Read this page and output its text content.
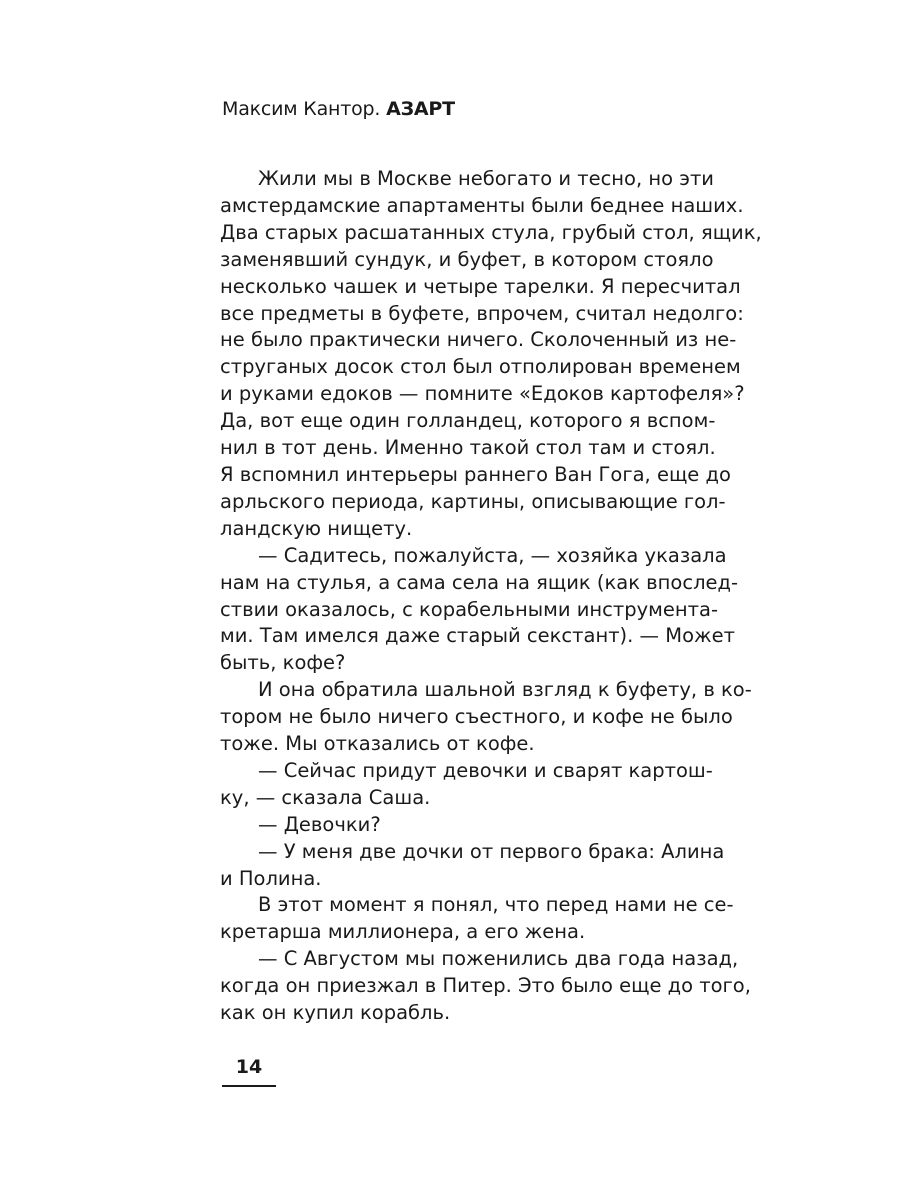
Максим Кантор. АЗАРТ

Жили мы в Москве небогато и тесно, но эти
амстердамские апартаменты были беднее наших.
Два старых расшатанных стула, грубый стол, ящик,
заменявший сундук, и буфет, в котором стояло
несколько чашек и четыре тарелки. Я пересчитал
все предметы в буфете, впрочем, считал недолго:
не было практически ничего. Сколоченный из не-
струганых досок стол был отполирован временем
и руками едоков — помните «Едоков картофеля»?
Да, вот еще один голландец, которого я вспом-
нил в тот день. Именно такой стол там и стоял.
Я вспомнил интерьеры раннего Ван Гога, еще до
арльского периода, картины, описывающие гол-
ландскую нищету.

— Садитесь, пожалуйста, — хозяйка указала
нам на стулья, а сама села на ящик (как впослед-
ствии оказалось, с корабельными инструмента-
ми. Там имелся даже старый секстант). — Может
быть, кофе?

И она обратила шальной взгляд к буфету, в ко-
тором не было ничего съестного, и кофе не было
тоже. Мы отказались от кофе.

— Сейчас придут девочки и сварят картош-
ку, — сказала Саша.

— Девочки?

— У меня две дочки от первого брака: Алина
и Полина.

В этот момент я понял, что перед нами не се-
кретарша миллионера, а его жена.

— С Августом мы поженились два года назад,
когда он приезжал в Питер. Это было еще до того,
как он купил корабль.

14
